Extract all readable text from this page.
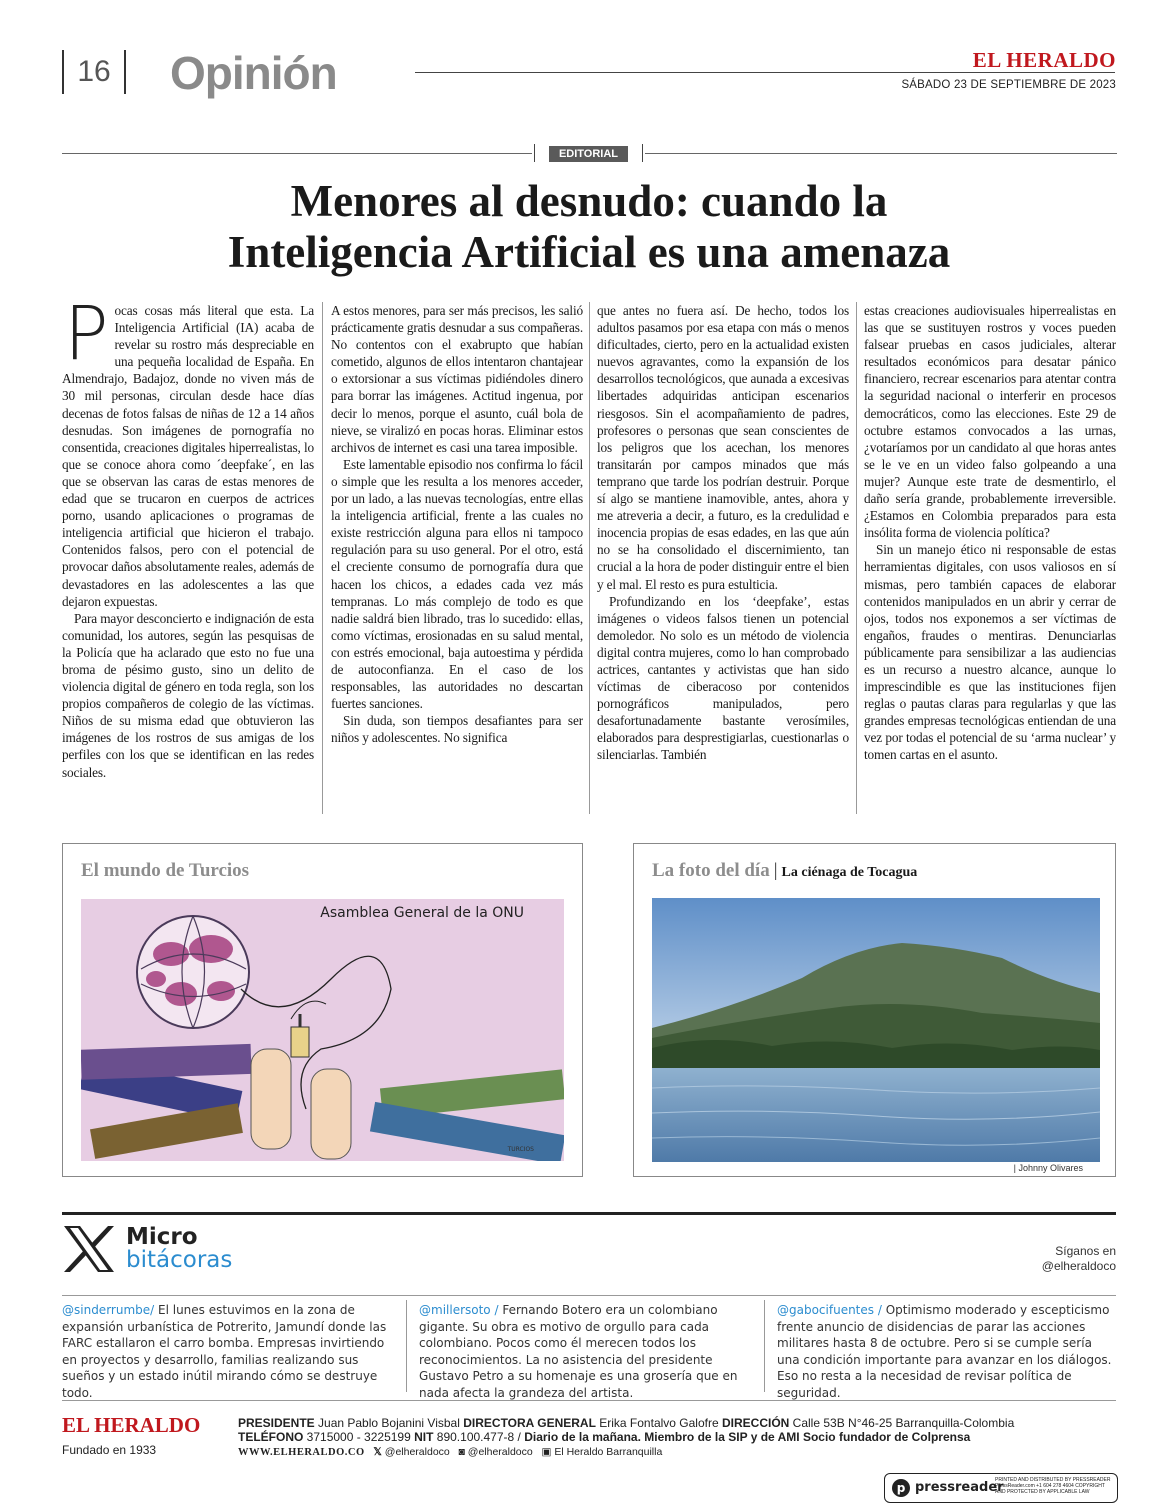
16 Opinión	EL HERALDO
SÁBADO 23 DE SEPTIEMBRE DE 2023
EDITORIAL
Menores al desnudo: cuando la
Inteligencia Artificial es una amenaza

Pocas cosas más literal que esta. La Inteligencia Artificial (IA) acaba de revelar su rostro más despreciable en una pequeña localidad de España. En Almendrajo, Badajoz, donde no viven más de 30 mil personas, circulan desde hace días decenas de fotos falsas de niñas de 12 a 14 años desnudas. Son imágenes de pornografía no consentida, creaciones digitales hiperrealistas, lo que se conoce ahora como ´deepfake´, en las que se observan las caras de estas menores de edad que se trucaron en cuerpos de actrices porno, usando aplicaciones o programas de inteligencia artificial que hicieron el trabajo. Contenidos falsos, pero con el potencial de provocar daños absolutamente reales, además de devastadores en las adolescentes a las que dejaron expuestas.

Para mayor desconcierto e indignación de esta comunidad, los autores, según las pesquisas de la Policía que ha aclarado que esto no fue una broma de pésimo gusto, sino un delito de violencia digital de género en toda regla, son los propios compañeros de colegio de las víctimas. Niños de su misma edad que obtuvieron las imágenes de los rostros de sus amigas de los perfiles con los que se identifican en las redes sociales.

A estos menores, para ser más precisos, les salió prácticamente gratis desnudar a sus compañeras. No contentos con el exabrupto que habían cometido, algunos de ellos intentaron chantajear o extorsionar a sus víctimas pidiéndoles dinero para borrar las imágenes. Actitud ingenua, por decir lo menos, porque el asunto, cuál bola de nieve, se viralizó en pocas horas. Eliminar estos archivos de internet es casi una tarea imposible.

Este lamentable episodio nos confirma lo fácil o simple que les resulta a los menores acceder, por un lado, a las nuevas tecnologías, entre ellas la inteligencia artificial, frente a las cuales no existe restricción alguna para ellos ni tampoco regulación para su uso general. Por el otro, está el creciente consumo de pornografía dura que hacen los chicos, a edades cada vez más tempranas. Lo más complejo de todo es que nadie saldrá bien librado, tras lo sucedido: ellas, como víctimas, erosionadas en su salud mental, con estrés emocional, baja autoestima y pérdida de autoconfianza. En el caso de los responsables, las autoridades no descartan fuertes sanciones.

Sin duda, son tiempos desafiantes para ser niños y adolescentes. No significa

que antes no fuera así. De hecho, todos los adultos pasamos por esa etapa con más o menos dificultades, cierto, pero en la actualidad existen nuevos agravantes, como la expansión de los desarrollos tecnológicos, que aunada a excesivas libertades adquiridas anticipan escenarios riesgosos. Sin el acompañamiento de padres, profesores o personas que sean conscientes de los peligros que los acechan, los menores transitarán por campos minados que más temprano que tarde los podrían destruir. Porque sí algo se mantiene inamovible, antes, ahora y me atreveria a decir, a futuro, es la credulidad e inocencia propias de esas edades, en las que aún no se ha consolidado el discernimiento, tan crucial a la hora de poder distinguir entre el bien y el mal. El resto es pura estulticia.

Profundizando en los ‘deepfake’, estas imágenes o videos falsos tienen un potencial demoledor. No solo es un método de violencia digital contra mujeres, como lo han comprobado actrices, cantantes y activistas que han sido víctimas de ciberacoso por contenidos pornográficos manipulados, pero desafortunadamente bastante verosímiles, elaborados para desprestigiarlas, cuestionarlas o silenciarlas. También

estas creaciones audiovisuales hiperrealistas en las que se sustituyen rostros y voces pueden falsear pruebas en casos judiciales, alterar resultados económicos para desatar pánico financiero, recrear escenarios para atentar contra la seguridad nacional o interferir en procesos democráticos, como las elecciones. Este 29 de octubre estamos convocados a las urnas, ¿votaríamos por un candidato al que horas antes se le ve en un video falso golpeando a una mujer? Aunque este trate de desmentirlo, el daño sería grande, probablemente irreversible. ¿Estamos en Colombia preparados para esta insólita forma de violencia política?

Sin un manejo ético ni responsable de estas herramientas digitales, con usos valiosos en sí mismas, pero también capaces de elaborar contenidos manipulados en un abrir y cerrar de ojos, todos nos exponemos a ser víctimas de engaños, fraudes o mentiras. Denunciarlas públicamente para sensibilizar a las audiencias es un recurso a nuestro alcance, aunque lo imprescindible es que las instituciones fijen reglas o pautas claras para regularlas y que las grandes empresas tecnológicas entiendan de una vez por todas el potencial de su ‘arma nuclear’ y tomen cartas en el asunto.

El mundo de Turcios
Asamblea General de la ONU
TURCIOS
La foto del día | La ciénaga de Tocagua
| Johnny Olivares
Micro
bitácoras	Síganos en
@elheraldoco
@sinderrumbe/ El lunes estuvimos en la zona de expansión urbanística de Potrerito, Jamundí donde las FARC estallaron el carro bomba. Empresas invirtiendo en proyectos y desarrollo, familias realizando sus sueños y un estado inútil mirando cómo se destruye todo.
@millersoto / Fernando Botero era un colombiano gigante. Su obra es motivo de orgullo para cada colombiano. Pocos como él merecen todos los reconocimientos. La no asistencia del presidente Gustavo Petro a su homenaje es una grosería que en nada afecta la grandeza del artista.
@gabocifuentes / Optimismo moderado y escepticismo frente anuncio de disidencias de parar las acciones militares hasta 8 de octubre. Pero si se cumple sería una condición importante para avanzar en los diálogos. Eso no resta a la necesidad de revisar política de seguridad.
EL HERALDO
Fundado en 1933
PRESIDENTE Juan Pablo Bojanini Visbal DIRECTORA GENERAL Erika Fontalvo Galofre DIRECCIÓN Calle 53B N°46-25 Barranquilla-Colombia
TELÉFONO 3715000 - 3225199 NIT 890.100.477-8 / Diario de la mañana. Miembro de la SIP y de AMI Socio fundador de Colprensa
WWW.ELHERALDO.CO 𝕏 @elheraldoco ◙ @elheraldoco ▣ El Heraldo Barranquilla
p pressreader
PRINTED AND DISTRIBUTED BY PRESSREADER PressReader.com +1 604 278 4604 COPYRIGHT AND PROTECTED BY APPLICABLE LAW
